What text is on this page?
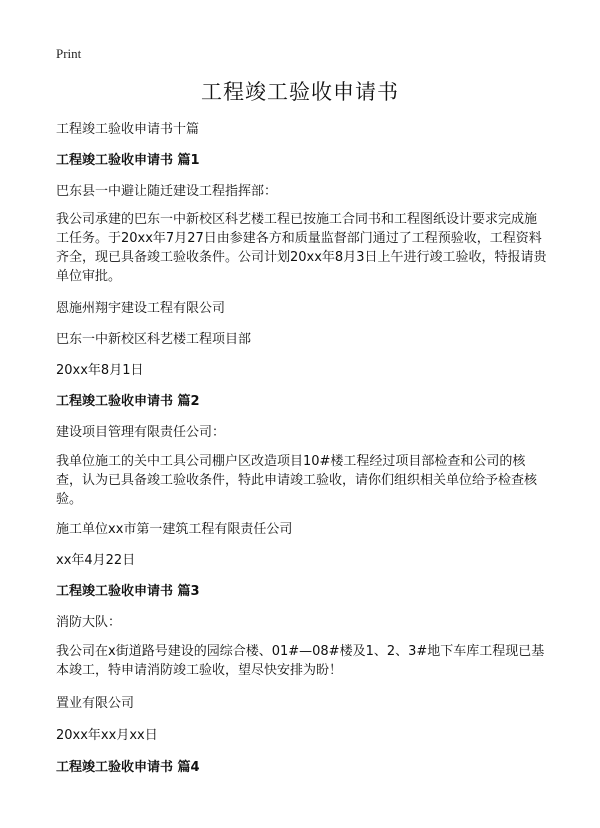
Print
工程竣工验收申请书

工程竣工验收申请书十篇

工程竣工验收申请书 篇1

巴东县一中避让随迁建设工程指挥部：

我公司承建的巴东一中新校区科艺楼工程已按施工合同书和工程图纸设计要求完成施工任务。于20xx年7月27日由参建各方和质量监督部门通过了工程预验收，工程资料齐全，现已具备竣工验收条件。公司计划20xx年8月3日上午进行竣工验收，特报请贵单位审批。

恩施州翔宇建设工程有限公司

巴东一中新校区科艺楼工程项目部

20xx年8月1日

工程竣工验收申请书 篇2

建设项目管理有限责任公司：

我单位施工的关中工具公司棚户区改造项目10#楼工程经过项目部检查和公司的核查，认为已具备竣工验收条件，特此申请竣工验收，请你们组织相关单位给予检查核验。

施工单位xx市第一建筑工程有限责任公司

xx年4月22日

工程竣工验收申请书 篇3

消防大队：

我公司在x街道路号建设的园综合楼、01#—08#楼及1、2、3#地下车库工程现已基本竣工，特申请消防竣工验收，望尽快安排为盼！

置业有限公司

20xx年xx月xx日

工程竣工验收申请书 篇4
